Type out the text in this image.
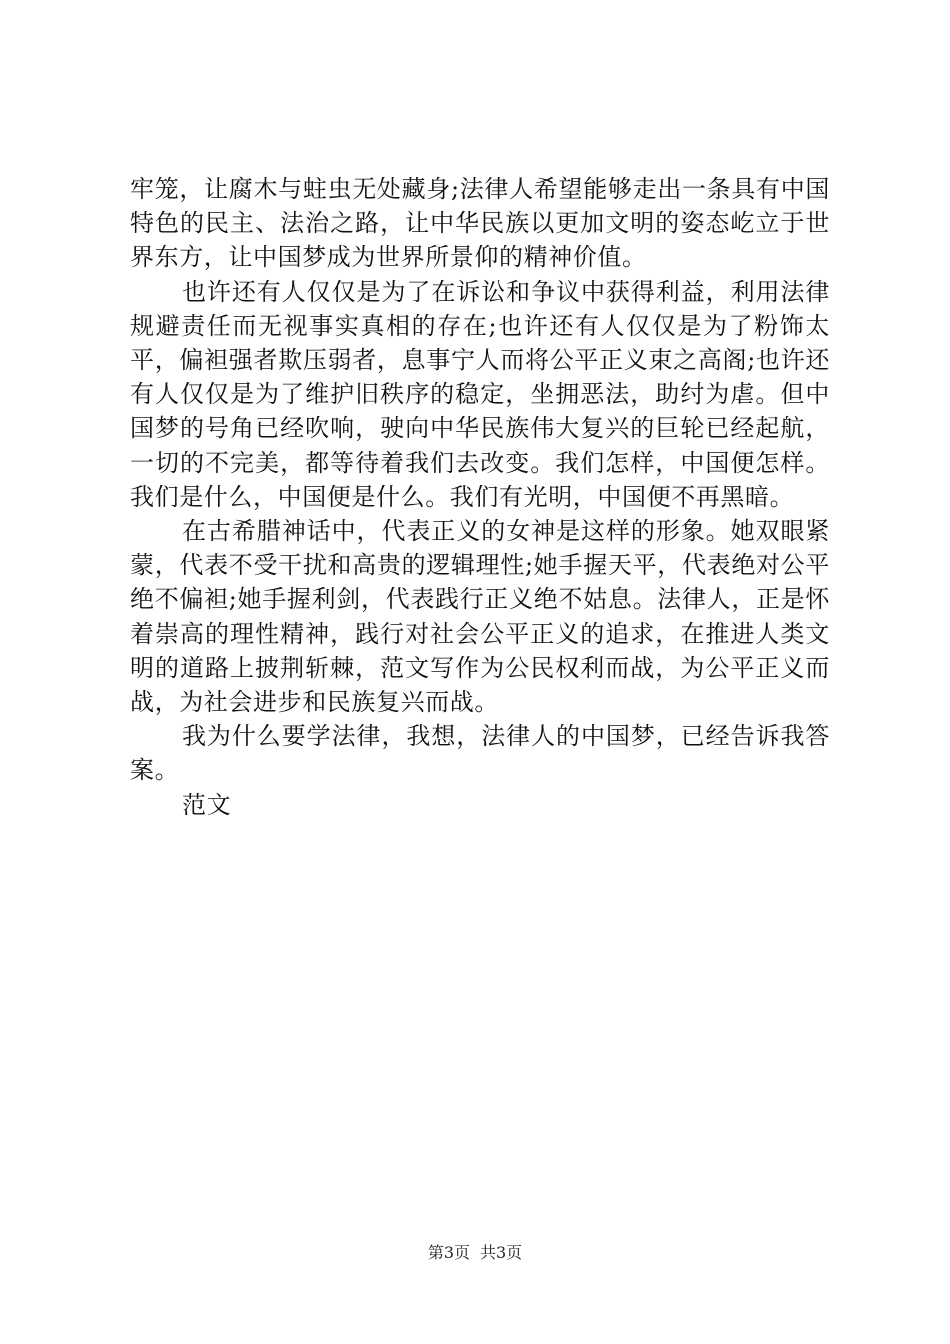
牢笼，让腐木与蛀虫无处藏身;法律人希望能够走出一条具有中国特色的民主、法治之路，让中华民族以更加文明的姿态屹立于世界东方，让中国梦成为世界所景仰的精神价值。

也许还有人仅仅是为了在诉讼和争议中获得利益，利用法律规避责任而无视事实真相的存在;也许还有人仅仅是为了粉饰太平，偏袒强者欺压弱者，息事宁人而将公平正义束之高阁;也许还有人仅仅是为了维护旧秩序的稳定，坐拥恶法，助纣为虐。但中国梦的号角已经吹响，驶向中华民族伟大复兴的巨轮已经起航，一切的不完美，都等待着我们去改变。我们怎样，中国便怎样。我们是什么，中国便是什么。我们有光明，中国便不再黑暗。

在古希腊神话中，代表正义的女神是这样的形象。她双眼紧蒙，代表不受干扰和高贵的逻辑理性;她手握天平，代表绝对公平绝不偏袒;她手握利剑，代表践行正义绝不姑息。法律人，正是怀着崇高的理性精神，践行对社会公平正义的追求，在推进人类文明的道路上披荆斩棘，范文写作为公民权利而战，为公平正义而战，为社会进步和民族复兴而战。

我为什么要学法律，我想，法律人的中国梦，已经告诉我答案。

范文

第3页 共3页
